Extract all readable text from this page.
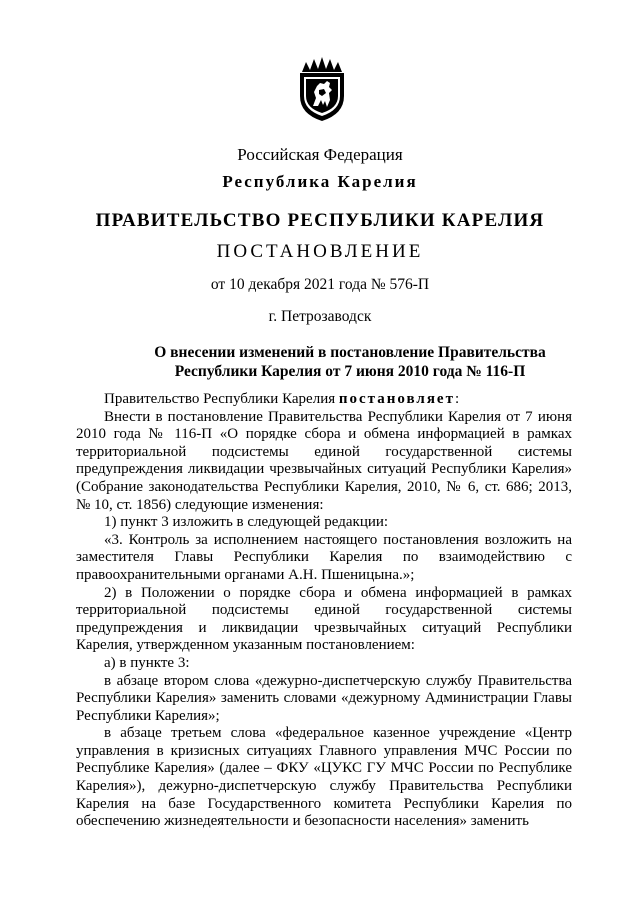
Российская Федерация
Республика Карелия
ПРАВИТЕЛЬСТВО РЕСПУБЛИКИ КАРЕЛИЯ
ПОСТАНОВЛЕНИЕ
от 10 декабря 2021 года № 576-П
г. Петрозаводск
О внесении изменений в постановление Правительства
Республики Карелия от 7 июня 2010 года № 116-П

Правительство Республики Карелия постановляет:

Внести в постановление Правительства Республики Карелия от 7 июня 2010 года № 116-П «О порядке сбора и обмена информацией в рамках территориальной подсистемы единой государственной системы предупреждения ликвидации чрезвычайных ситуаций Республики Карелия» (Собрание законодательства Республики Карелия, 2010, № 6, ст. 686; 2013, № 10, ст. 1856) следующие изменения:

1) пункт 3 изложить в следующей редакции:

«3. Контроль за исполнением настоящего постановления возложить на заместителя Главы Республики Карелия по взаимодействию с правоохранительными органами А.Н. Пшеницына.»;

2) в Положении о порядке сбора и обмена информацией в рамках территориальной подсистемы единой государственной системы предупреждения и ликвидации чрезвычайных ситуаций Республики Карелия, утвержденном указанным постановлением:

а) в пункте 3:

в абзаце втором слова «дежурно-диспетчерскую службу Правительства Республики Карелия» заменить словами «дежурному Администрации Главы Республики Карелия»;

в абзаце третьем слова «федеральное казенное учреждение «Центр управления в кризисных ситуациях Главного управления МЧС России по Республике Карелия» (далее – ФКУ «ЦУКС ГУ МЧС России по Республике Карелия»), дежурно-диспетчерскую службу Правительства Республики Карелия на базе Государственного комитета Республики Карелия по обеспечению жизнедеятельности и безопасности населения» заменить
